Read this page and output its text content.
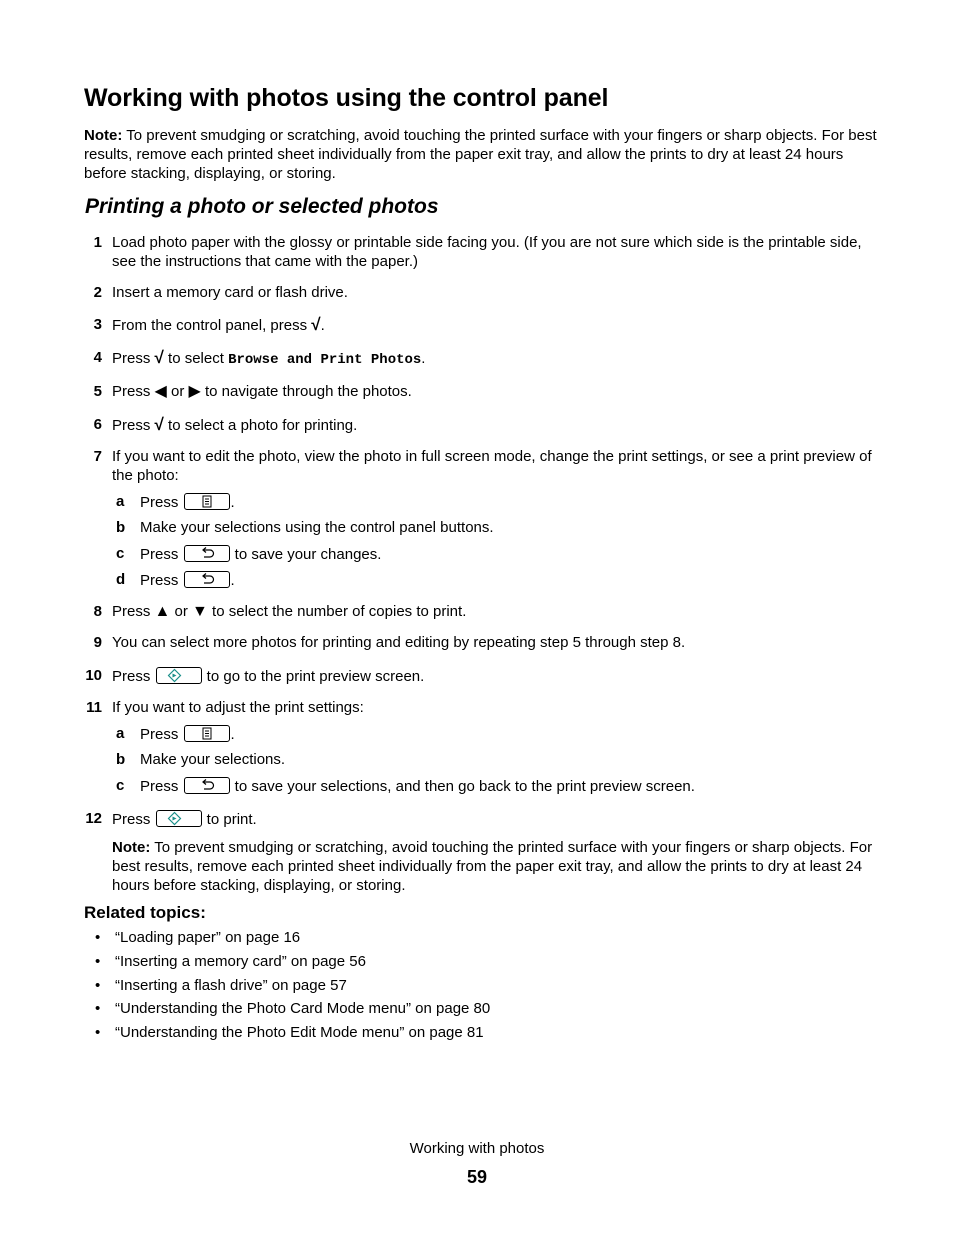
Working with photos using the control panel

Note: To prevent smudging or scratching, avoid touching the printed surface with your fingers or sharp objects. For best results, remove each printed sheet individually from the paper exit tray, and allow the prints to dry at least 24 hours before stacking, displaying, or storing.

Printing a photo or selected photos
1 Load photo paper with the glossy or printable side facing you. (If you are not sure which side is the printable side, see the instructions that came with the paper.)
2 Insert a memory card or flash drive.
3 From the control panel, press √.
4 Press √ to select Browse and Print Photos.
5 Press ◀ or ▶ to navigate through the photos.
6 Press √ to select a photo for printing.
7 If you want to edit the photo, view the photo in full screen mode, change the print settings, or see a print preview of the photo:
a Press	.
b Make your selections using the control panel buttons.
c Press	to save your changes.
d Press	.
8 Press ▲ or ▼ to select the number of copies to print.
9 You can select more photos for printing and editing by repeating step 5 through step 8.
10 Press	to go to the print preview screen.
11 If you want to adjust the print settings:
a Press	.
b Make your selections.
c Press	to save your selections, and then go back to the print preview screen.
12 Press	to print.
Note: To prevent smudging or scratching, avoid touching the printed surface with your fingers or sharp objects. For best results, remove each printed sheet individually from the paper exit tray, and allow the prints to dry at least 24 hours before stacking, displaying, or storing.
Related topics:
• “Loading paper” on page 16
• “Inserting a memory card” on page 56
• “Inserting a flash drive” on page 57
• “Understanding the Photo Card Mode menu” on page 80
• “Understanding the Photo Edit Mode menu” on page 81
Working with photos
59
